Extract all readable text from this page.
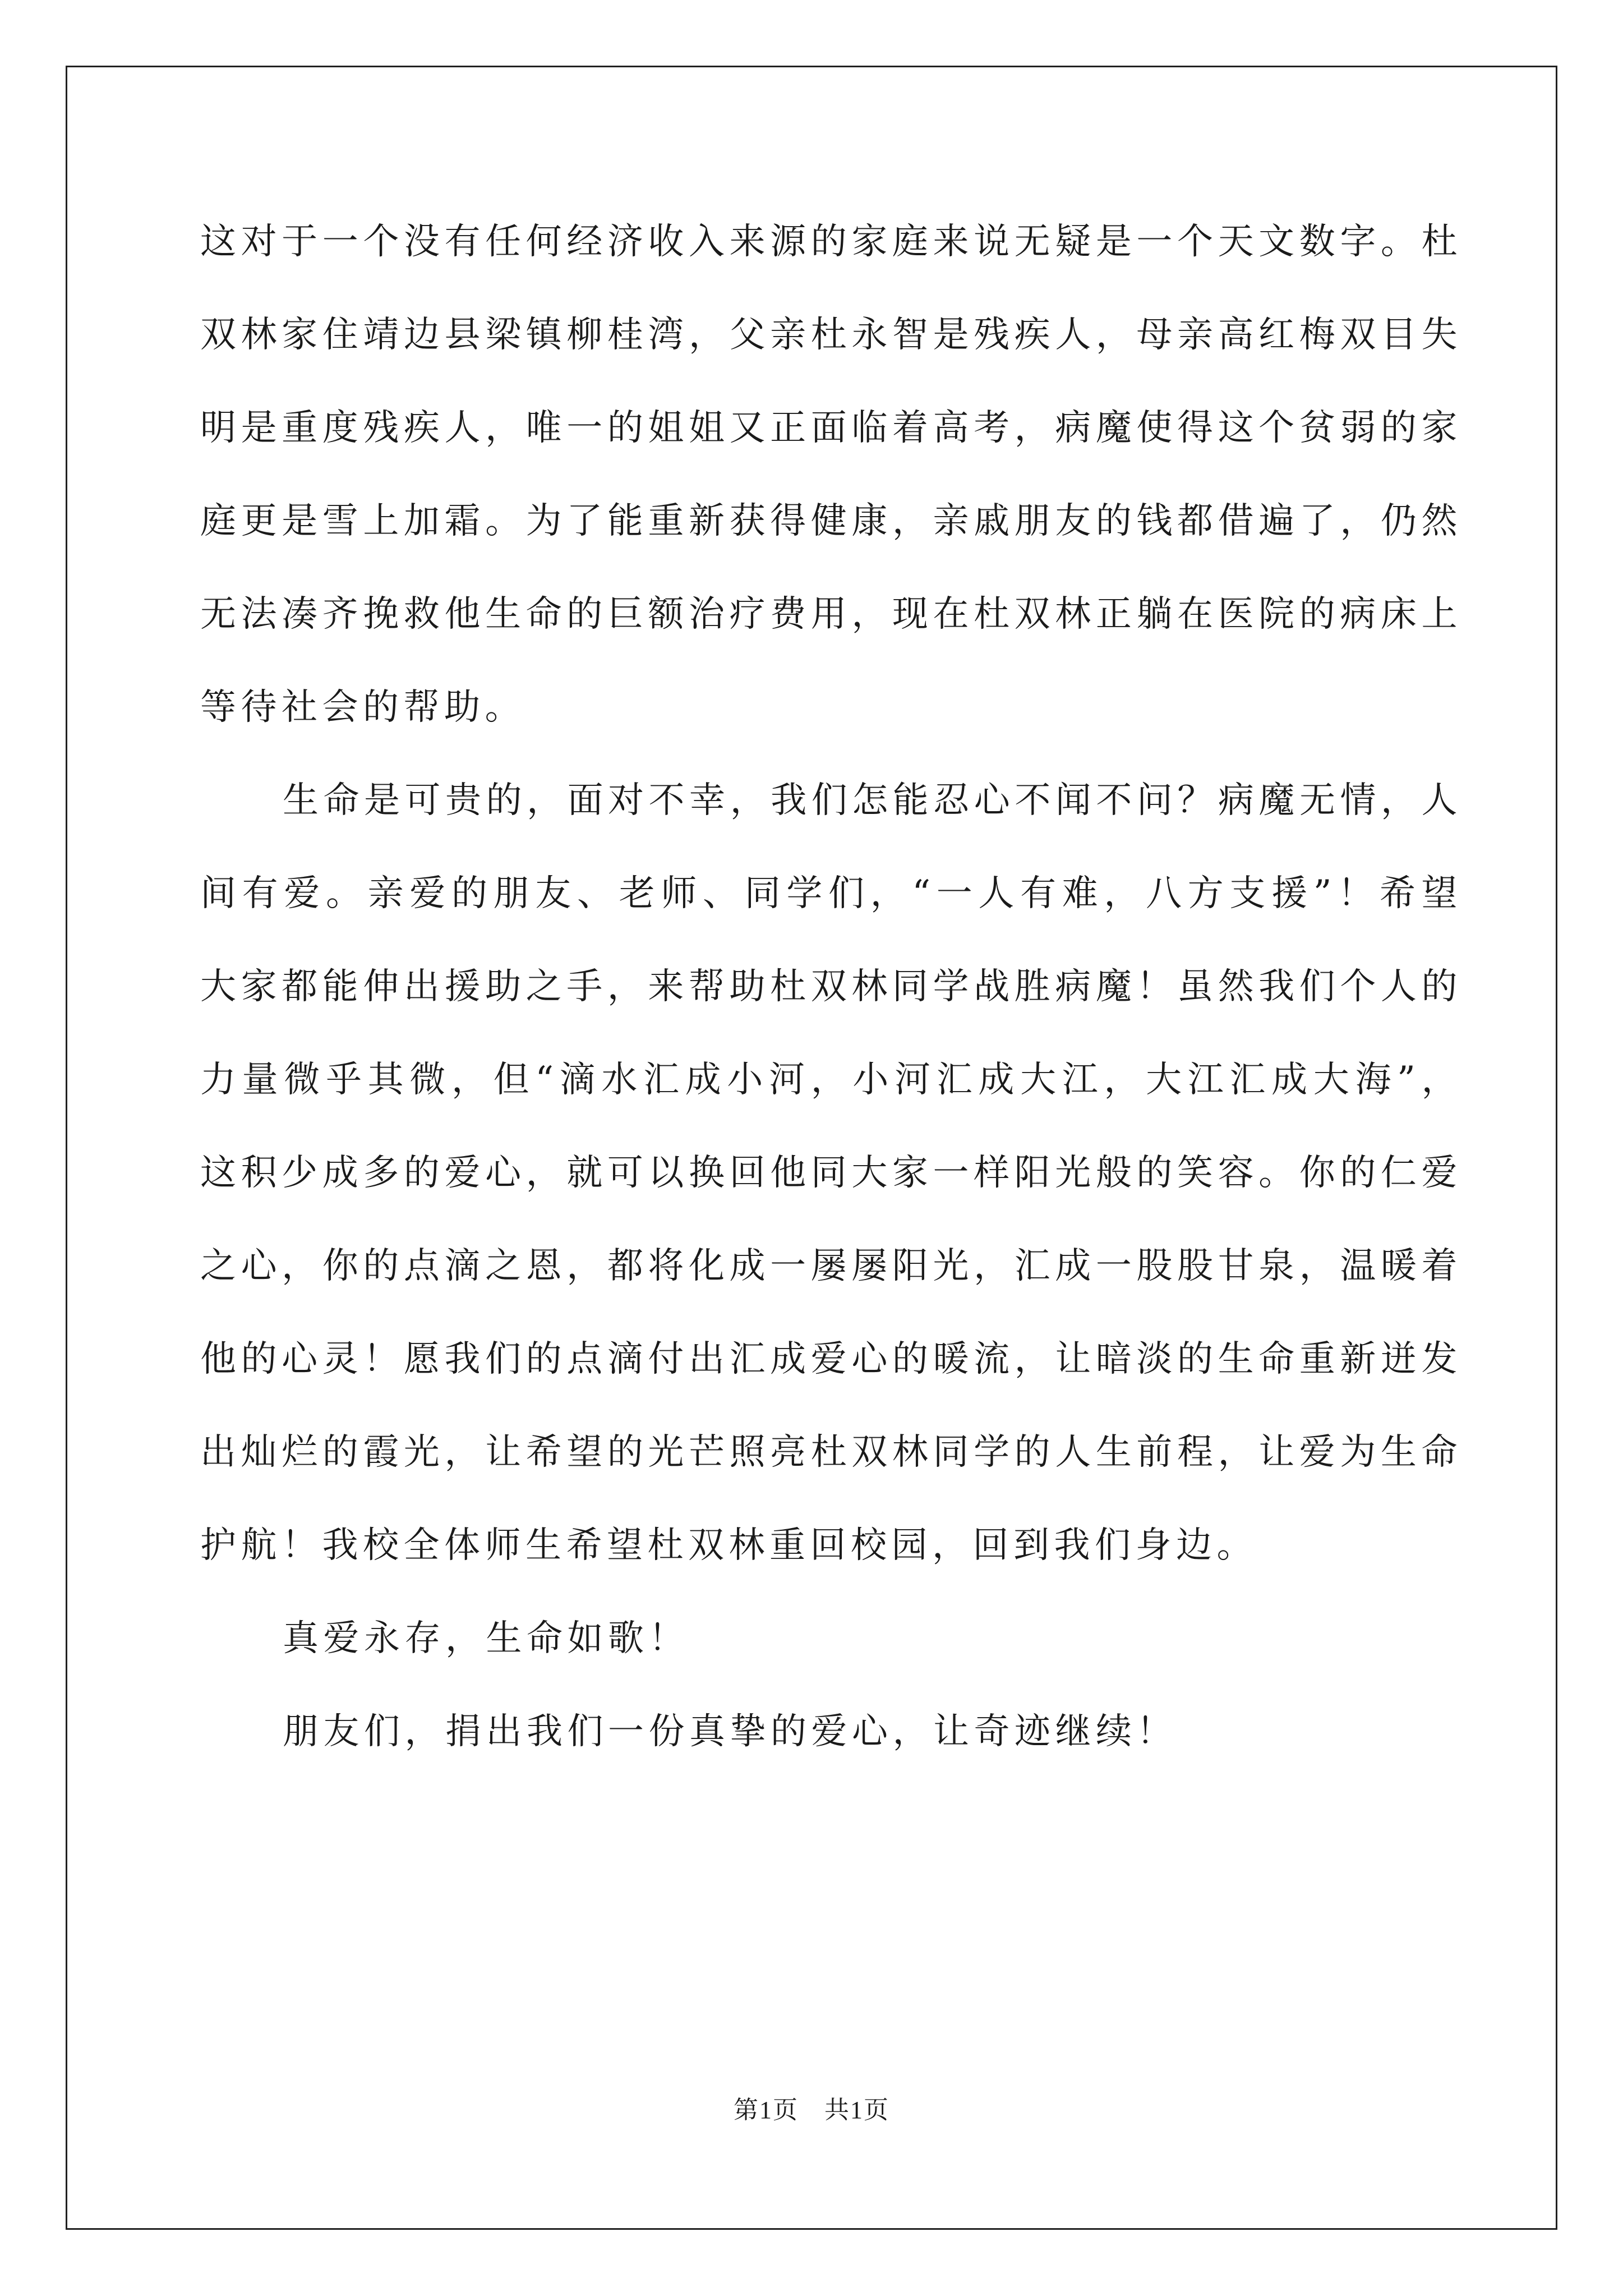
这对于一个没有任何经济收入来源的家庭来说无疑是一个天文数字。杜双林家住靖边县梁镇柳桂湾，父亲杜永智是残疾人，母亲高红梅双目失明是重度残疾人，唯一的姐姐又正面临着高考，病魔使得这个贫弱的家庭更是雪上加霜。为了能重新获得健康，亲戚朋友的钱都借遍了，仍然无法凑齐挽救他生命的巨额治疗费用，现在杜双林正躺在医院的病床上等待社会的帮助。

生命是可贵的，面对不幸，我们怎能忍心不闻不问？病魔无情，人间有爱。亲爱的朋友、老师、同学们，“一人有难，八方支援”！希望大家都能伸出援助之手，来帮助杜双林同学战胜病魔！虽然我们个人的力量微乎其微，但“滴水汇成小河，小河汇成大江，大江汇成大海”，这积少成多的爱心，就可以换回他同大家一样阳光般的笑容。你的仁爱之心，你的点滴之恩，都将化成一屡屡阳光，汇成一股股甘泉，温暖着他的心灵！愿我们的点滴付出汇成爱心的暖流，让暗淡的生命重新迸发出灿烂的霞光，让希望的光芒照亮杜双林同学的人生前程，让爱为生命护航！我校全体师生希望杜双林重回校园，回到我们身边。

真爱永存，生命如歌！

朋友们，捐出我们一份真挚的爱心，让奇迹继续！

第1页 共1页
